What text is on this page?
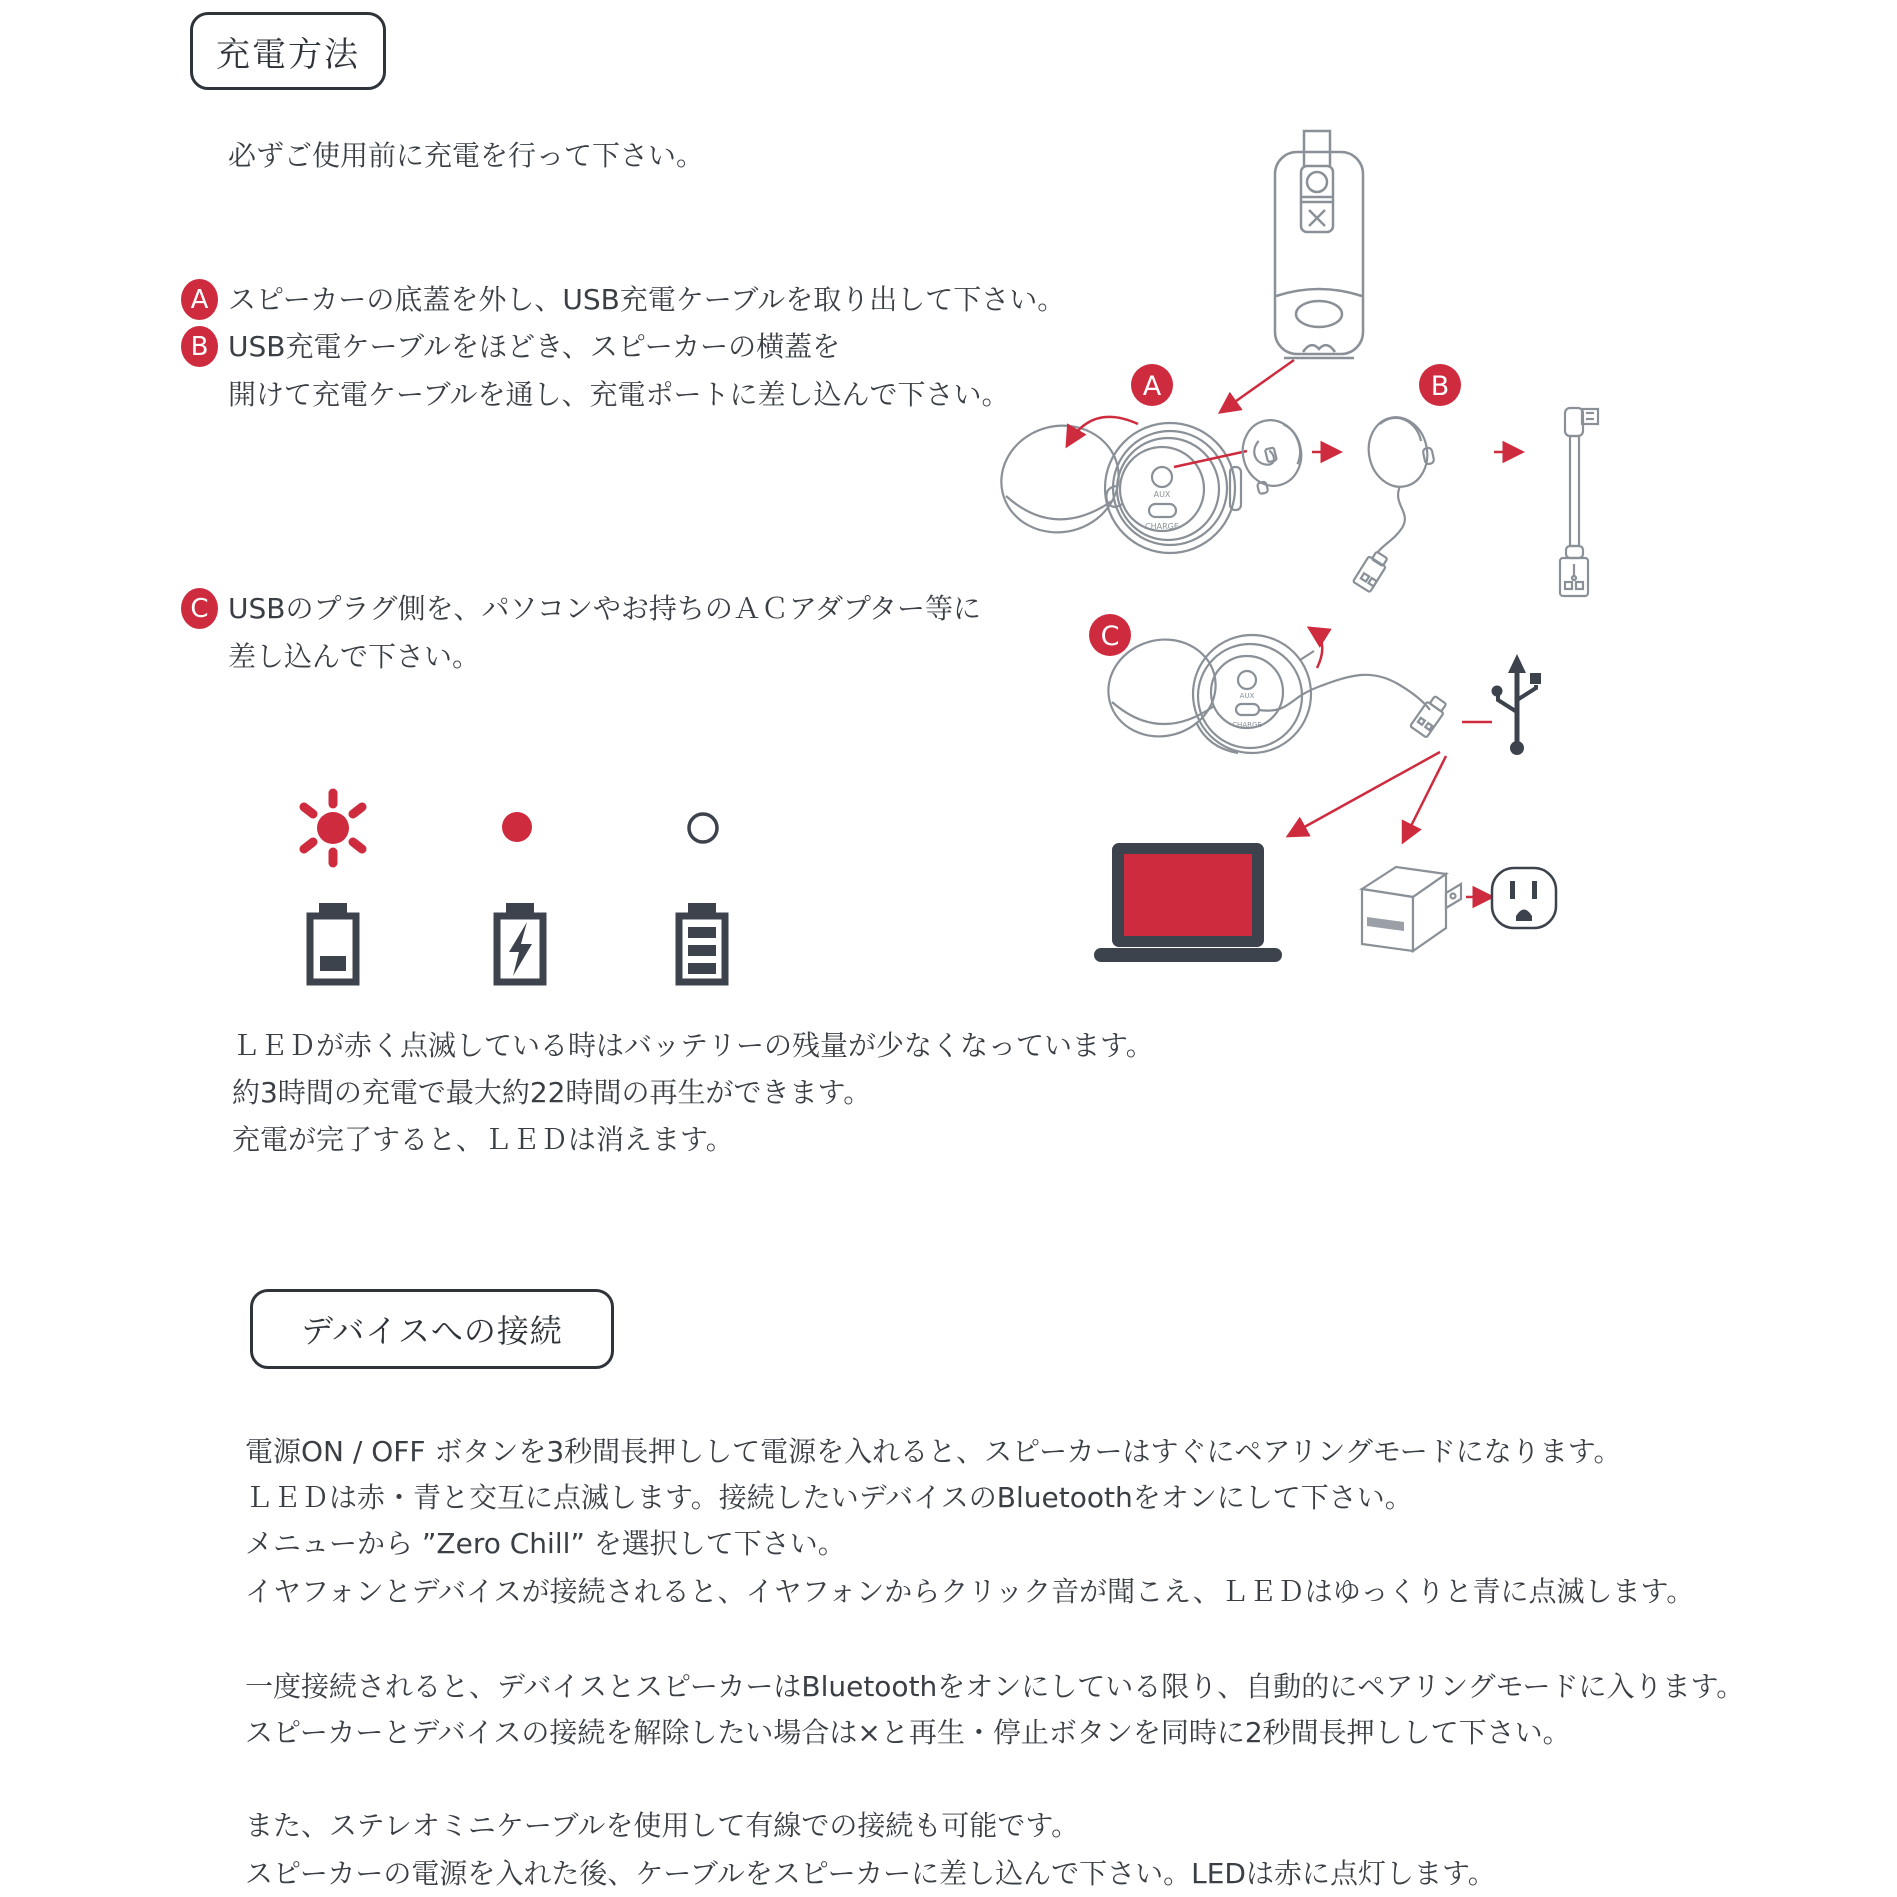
充電方法
必ずご使用前に充電を行って下さい。
A スピーカーの底蓋を外し、USB充電ケーブルを取り出して下さい。
B USB充電ケーブルをほどき、スピーカーの横蓋を
開けて充電ケーブルを通し、充電ポートに差し込んで下さい。
C USBのプラグ側を、パソコンやお持ちのＡＣアダプター等に
差し込んで下さい。
ＬＥＤが赤く点滅している時はバッテリーの残量が少なくなっています。
約3時間の充電で最大約22時間の再生ができます。
充電が完了すると、ＬＥＤは消えます。
デバイスへの接続
電源ON / OFF ボタンを3秒間長押しして電源を入れると、スピーカーはすぐにペアリングモードになります。
ＬＥＤは赤・青と交互に点滅します。接続したいデバイスのBluetoothをオンにして下さい。
メニューから ”Zero Chill” を選択して下さい。
イヤフォンとデバイスが接続されると、イヤフォンからクリック音が聞こえ、ＬＥＤはゆっくりと青に点滅します。
一度接続されると、デバイスとスピーカーはBluetoothをオンにしている限り、自動的にペアリングモードに入ります。
スピーカーとデバイスの接続を解除したい場合は×と再生・停止ボタンを同時に2秒間長押しして下さい。
また、ステレオミニケーブルを使用して有線での接続も可能です。
スピーカーの電源を入れた後、ケーブルをスピーカーに差し込んで下さい。LEDは赤に点灯します。
A
AUX
CHARGE
B
C
AUX
CHARGE
